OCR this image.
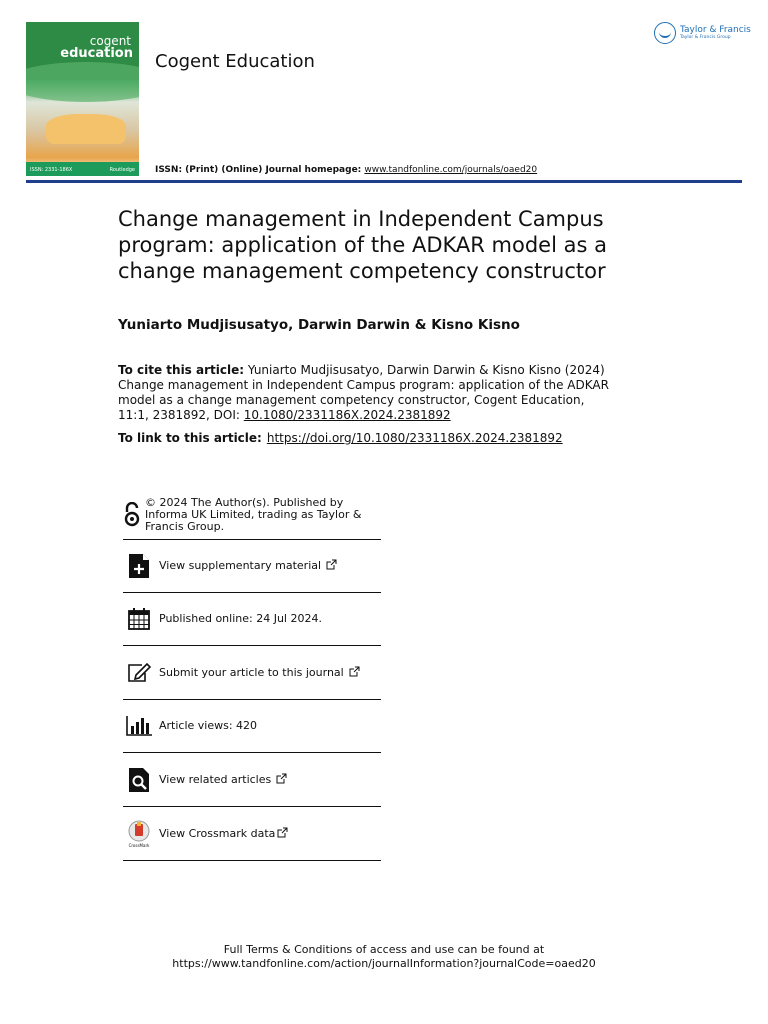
cogent
education
ISSN: 2331-186X	Routledge
Cogent Education
Taylor & Francis
Taylor & Francis Group
ISSN: (Print) (Online) Journal homepage: www.tandfonline.com/journals/oaed20
Change management in Independent Campus program: application of the ADKAR model as a change management competency constructor
Yuniarto Mudjisusatyo, Darwin Darwin & Kisno Kisno
To cite this article: Yuniarto Mudjisusatyo, Darwin Darwin & Kisno Kisno (2024) Change management in Independent Campus program: application of the ADKAR model as a change management competency constructor, Cogent Education, 11:1, 2381892, DOI: 10.1080/2331186X.2024.2381892
To link to this article: https://doi.org/10.1080/2331186X.2024.2381892
© 2024 The Author(s). Published by Informa UK Limited, trading as Taylor & Francis Group.
View supplementary material
Published online: 24 Jul 2024.
Submit your article to this journal
Article views: 420
View related articles
CrossMark
View Crossmark data
Full Terms & Conditions of access and use can be found at
https://www.tandfonline.com/action/journalInformation?journalCode=oaed20
